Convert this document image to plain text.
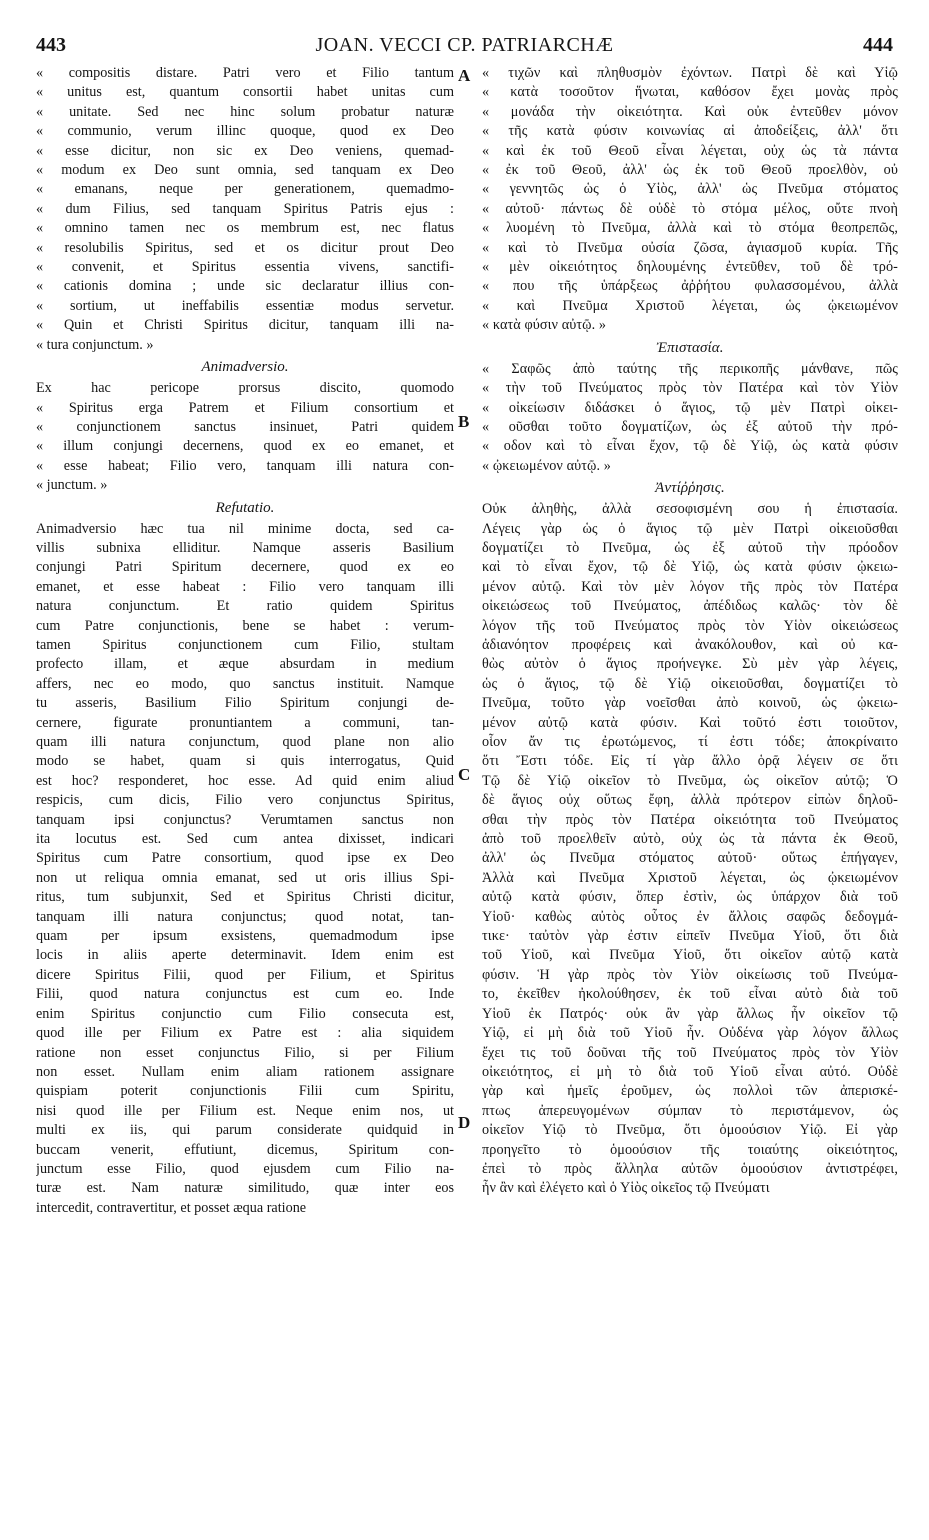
443	JOAN. VECCI CP. PATRIARCHÆ	444
A
B
C
D
« compositis distare. Patri vero et Filio tantum
« unitus est, quantum consortii habet unitas cum
« unitate. Sed nec hinc solum probatur naturæ
« communio, verum illinc quoque, quod ex Deo
« esse dicitur, non sic ex Deo veniens, quemad-
« modum ex Deo sunt omnia, sed tanquam ex Deo
« emanans, neque per generationem, quemadmo-
« dum Filius, sed tanquam Spiritus Patris ejus :
« omnino tamen nec os membrum est, nec flatus
« resolubilis Spiritus, sed et os dicitur prout Deo
« convenit, et Spiritus essentia vivens, sanctifi-
« cationis domina ; unde sic declaratur illius con-
« sortium, ut ineffabilis essentiæ modus servetur.
« Quin et Christi Spiritus dicitur, tanquam illi na-
« tura conjunctum. »
Animadversio.
Ex hac pericope prorsus discito, quomodo
« Spiritus erga Patrem et Filium consortium et
« conjunctionem sanctus insinuet, Patri quidem
« illum conjungi decernens, quod ex eo emanet, et
« esse habeat; Filio vero, tanquam illi natura con-
« junctum. »
Refutatio.
Animadversio hæc tua nil minime docta, sed ca-
villis subnixa elliditur. Namque asseris Basilium
conjungi Patri Spiritum decernere, quod ex eo
emanet, et esse habeat : Filio vero tanquam illi
natura conjunctum. Et ratio quidem Spiritus
cum Patre conjunctionis, bene se habet : verum-
tamen Spiritus conjunctionem cum Filio, stultam
profecto illam, et æque absurdam in medium
affers, nec eo modo, quo sanctus instituit. Namque
tu asseris, Basilium Filio Spiritum conjungi de-
cernere, figurate pronuntiantem a communi, tan-
quam illi natura conjunctum, quod plane non alio
modo se habet, quam si quis interrogatus, Quid
est hoc? responderet, hoc esse. Ad quid enim aliud
respicis, cum dicis, Filio vero conjunctus Spiritus,
tanquam ipsi conjunctus? Verumtamen sanctus non
ita locutus est. Sed cum antea dixisset, indicari
Spiritus cum Patre consortium, quod ipse ex Deo
non ut reliqua omnia emanat, sed ut oris illius Spi-
ritus, tum subjunxit, Sed et Spiritus Christi dicitur,
tanquam illi natura conjunctus; quod notat, tan-
quam per ipsum exsistens, quemadmodum ipse
locis in aliis aperte determinavit. Idem enim est
dicere Spiritus Filii, quod per Filium, et Spiritus
Filii, quod natura conjunctus est cum eo. Inde
enim Spiritus conjunctio cum Filio consecuta est,
quod ille per Filium ex Patre est : alia siquidem
ratione non esset conjunctus Filio, si per Filium
non esset. Nullam enim aliam rationem assignare
quispiam poterit conjunctionis Filii cum Spiritu,
nisi quod ille per Filium est. Neque enim nos, ut
multi ex iis, qui parum considerate quidquid in
buccam venerit, effutiunt, dicemus, Spiritum con-
junctum esse Filio, quod ejusdem cum Filio na-
turæ est. Nam naturæ similitudo, quæ inter eos
intercedit, contravertitur, et posset æqua ratione
« τιχῶν καὶ πληθυσμὸν ἐχόντων. Πατρὶ δὲ καὶ Υἱῷ
« κατὰ τοσοῦτον ἥνωται, καθόσον ἔχει μονὰς πρὸς
« μονάδα τὴν οἰκειότητα. Καὶ οὐκ ἐντεῦθεν μόνον
« τῆς κατὰ φύσιν κοινωνίας αἱ ἀποδείξεις, ἀλλ' ὅτι
« καὶ ἐκ τοῦ Θεοῦ εἶναι λέγεται, οὐχ ὡς τὰ πάντα
« ἐκ τοῦ Θεοῦ, ἀλλ' ὡς ἐκ τοῦ Θεοῦ προελθὸν, οὐ
« γεννητῶς ὡς ὁ Υἱὸς, ἀλλ' ὡς Πνεῦμα στόματος
« αὐτοῦ· πάντως δὲ οὐδὲ τὸ στόμα μέλος, οὔτε πνοὴ
« λυομένη τὸ Πνεῦμα, ἀλλὰ καὶ τὸ στόμα θεοπρεπῶς,
« καὶ τὸ Πνεῦμα οὐσία ζῶσα, ἁγιασμοῦ κυρία. Τῆς
« μὲν οἰκειότητος δηλουμένης ἐντεῦθεν, τοῦ δὲ τρό-
« που τῆς ὑπάρξεως ἀῤῥήτου φυλασσομένου, ἀλλὰ
« καὶ Πνεῦμα Χριστοῦ λέγεται, ὡς ᾠκειωμένον
« κατὰ φύσιν αὐτῷ. »
Ἐπιστασία.
« Σαφῶς ἀπὸ ταύτης τῆς περικοπῆς μάνθανε, πῶς
« τὴν τοῦ Πνεύματος πρὸς τὸν Πατέρα καὶ τὸν Υἱὸν
« οἰκείωσιν διδάσκει ὁ ἅγιος, τῷ μὲν Πατρὶ οἰκει-
« οῦσθαι τοῦτο δογματίζων, ὡς ἐξ αὐτοῦ τὴν πρό-
« οδον καὶ τὸ εἶναι ἔχον, τῷ δὲ Υἱῷ, ὡς κατὰ φύσιν
« ᾠκειωμένον αὐτῷ. »
Ἀντίῤῥησις.
Οὐκ ἀληθὴς, ἀλλὰ σεσοφισμένη σου ἡ ἐπιστασία.
Λέγεις γὰρ ὡς ὁ ἅγιος τῷ μὲν Πατρὶ οἰκειοῦσθαι
δογματίζει τὸ Πνεῦμα, ὡς ἐξ αὐτοῦ τὴν πρόοδον
καὶ τὸ εἶναι ἔχον, τῷ δὲ Υἱῷ, ὡς κατὰ φύσιν ᾠκειω-
μένον αὐτῷ. Καὶ τὸν μὲν λόγον τῆς πρὸς τὸν Πατέρα
οἰκειώσεως τοῦ Πνεύματος, ἀπέδιδως καλῶς· τὸν δὲ
λόγον τῆς τοῦ Πνεύματος πρὸς τὸν Υἱὸν οἰκειώσεως
ἀδιανόητον προφέρεις καὶ ἀνακόλουθον, καὶ οὐ κα-
θὼς αὐτὸν ὁ ἅγιος προήνεγκε. Σὺ μὲν γὰρ λέγεις,
ὡς ὁ ἅγιος, τῷ δὲ Υἱῷ οἰκειοῦσθαι, δογματίζει τὸ
Πνεῦμα, τοῦτο γὰρ νοεῖσθαι ἀπὸ κοινοῦ, ὡς ᾠκειω-
μένον αὐτῷ κατὰ φύσιν. Καὶ τοῦτό ἐστι τοιοῦτον,
οἷον ἄν τις ἐρωτώμενος, τί ἐστι τόδε; ἀποκρίναιτο
ὅτι Ἔστι τόδε. Εἰς τί γὰρ ἄλλο ὁρᾷ λέγειν σε ὅτι
Τῷ δὲ Υἱῷ οἰκεῖον τὸ Πνεῦμα, ὡς οἰκεῖον αὐτῷ; Ὁ
δὲ ἅγιος οὐχ οὕτως ἔφη, ἀλλὰ πρότερον εἰπὼν δηλοῦ-
σθαι τὴν πρὸς τὸν Πατέρα οἰκειότητα τοῦ Πνεύματος
ἀπὸ τοῦ προελθεῖν αὐτὸ, οὐχ ὡς τὰ πάντα ἐκ Θεοῦ,
ἀλλ' ὡς Πνεῦμα στόματος αὐτοῦ· οὕτως ἐπήγαγεν,
Ἀλλὰ καὶ Πνεῦμα Χριστοῦ λέγεται, ὡς ᾠκειωμένον
αὐτῷ κατὰ φύσιν, ὅπερ ἐστὶν, ὡς ὑπάρχον διὰ τοῦ
Υἱοῦ· καθὼς αὐτὸς οὗτος ἐν ἄλλοις σαφῶς δεδογμά-
τικε· ταὐτὸν γὰρ ἐστιν εἰπεῖν Πνεῦμα Υἱοῦ, ὅτι διὰ
τοῦ Υἱοῦ, καὶ Πνεῦμα Υἱοῦ, ὅτι οἰκεῖον αὐτῷ κατὰ
φύσιν. Ἡ γὰρ πρὸς τὸν Υἱὸν οἰκείωσις τοῦ Πνεύμα-
το, ἐκεῖθεν ἠκολούθησεν, ἐκ τοῦ εἶναι αὐτὸ διὰ τοῦ
Υἱοῦ ἐκ Πατρός· οὐκ ἂν γὰρ ἄλλως ἦν οἰκεῖον τῷ
Υἱῷ, εἰ μὴ διὰ τοῦ Υἱοῦ ἦν. Οὐδένα γὰρ λόγον ἄλλως
ἔχει τις τοῦ δοῦναι τῆς τοῦ Πνεύματος πρὸς τὸν Υἱὸν
οἰκειότητος, εἰ μὴ τὸ διὰ τοῦ Υἱοῦ εἶναι αὐτό. Οὐδὲ
γὰρ καὶ ἡμεῖς ἐροῦμεν, ὡς πολλοὶ τῶν ἀπερισκέ-
πτως ἀπερευγομένων σύμπαν τὸ περιστάμενον, ὡς
οἰκεῖον Υἱῷ τὸ Πνεῦμα, ὅτι ὁμοούσιον Υἱῷ. Εἰ γὰρ
προηγεῖτο τὸ ὁμοούσιον τῆς τοιαύτης οἰκειότητος,
ἐπεὶ τὸ πρὸς ἄλληλα αὐτῶν ὁμοούσιον ἀντιστρέφει,
ἦν ἂν καὶ ἐλέγετο καὶ ὁ Υἱὸς οἰκεῖος τῷ Πνεύματι
